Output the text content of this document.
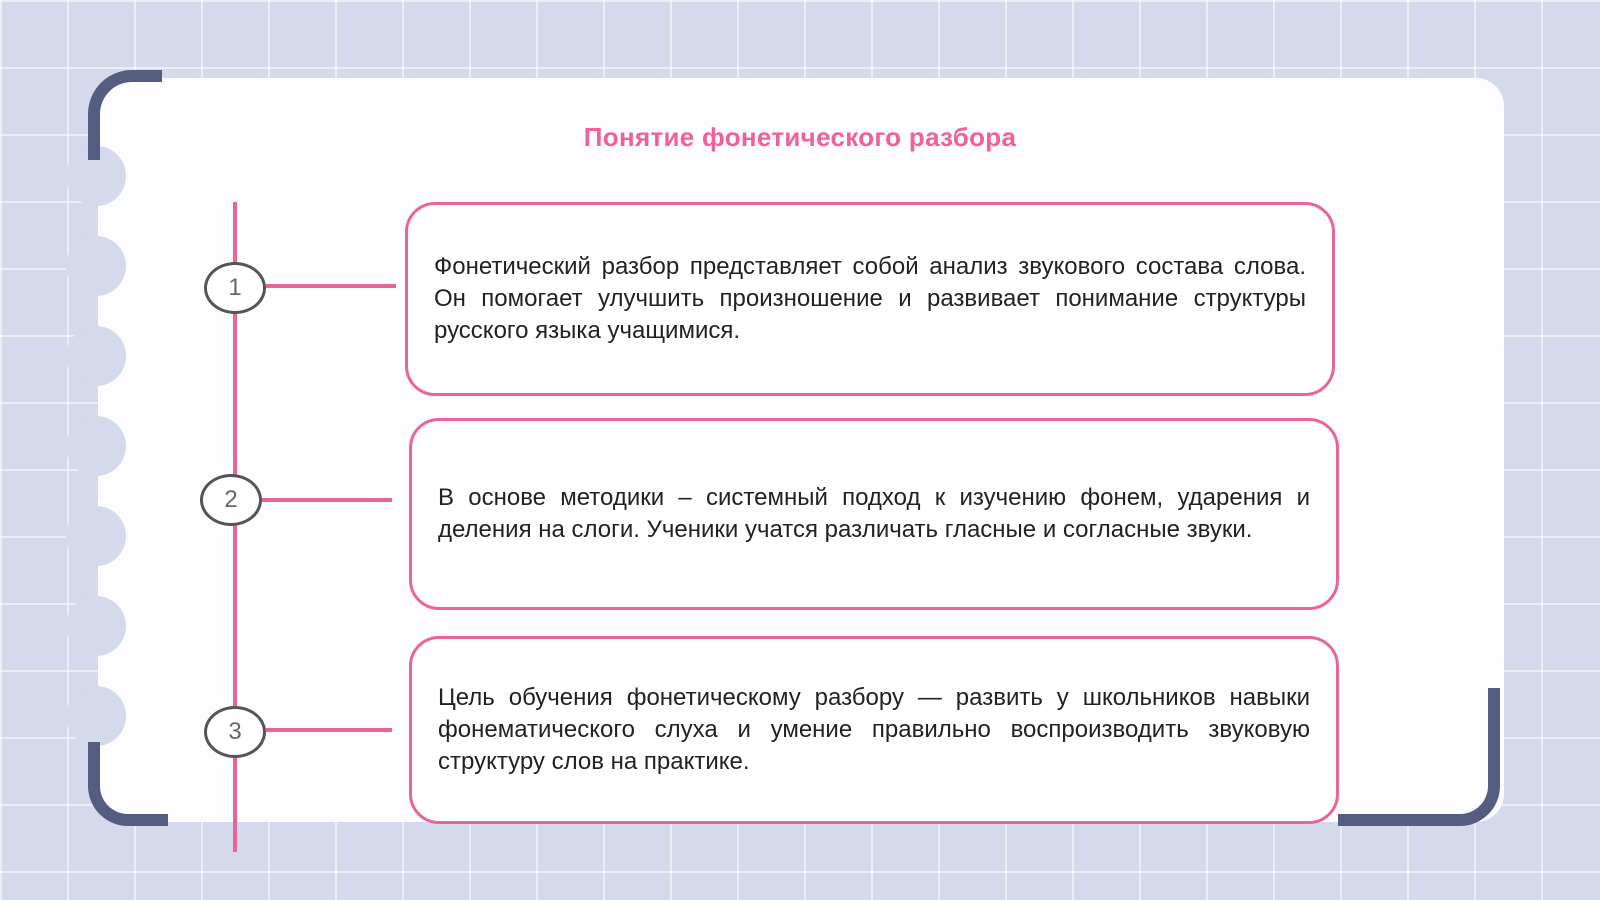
Понятие фонетического разбора
1

Фонетический разбор представляет собой анализ звукового состава слова. Он помогает улучшить произношение и развивает понимание структуры русского языка учащимися.

2	В основе методики – системный подход к изучению фонем, ударения и деления на слоги. Ученики учатся различать гласные и согласные звуки.

3

Цель обучения фонетическому разбору — развить у школьников навыки фонематического слуха и умение правильно воспроизводить звуковую структуру слов на практике.
